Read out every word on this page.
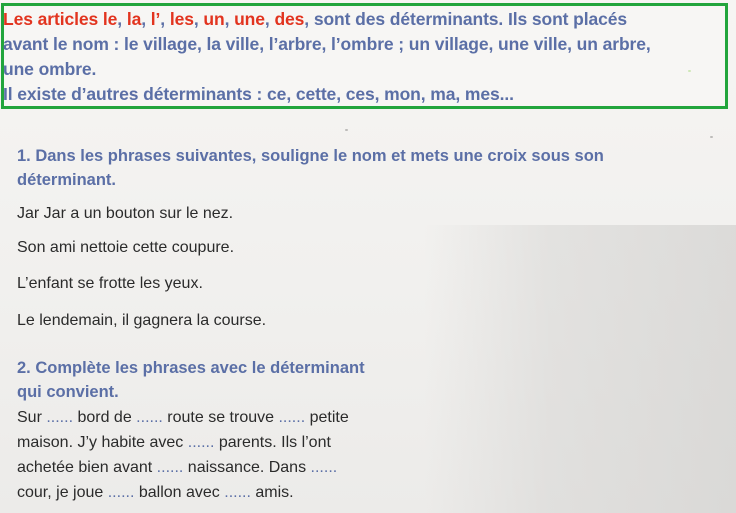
Les articles le, la, l’, les, un, une, des, sont des déterminants. Ils sont placés
avant le nom : le village, la ville, l’arbre, l’ombre ; un village, une ville, un arbre,
une ombre.
Il existe d’autres déterminants : ce, cette, ces, mon, ma, mes...
1. Dans les phrases suivantes, souligne le nom et mets une croix sous son
déterminant.
Jar Jar a un bouton sur le nez.
Son ami nettoie cette coupure.
L’enfant se frotte les yeux.
Le lendemain, il gagnera la course.
2. Complète les phrases avec le déterminant
qui convient.
Sur ...... bord de ...... route se trouve ...... petite
maison. J’y habite avec ...... parents. Ils l’ont
achetée bien avant ...... naissance. Dans ......
cour, je joue ...... ballon avec ...... amis.
